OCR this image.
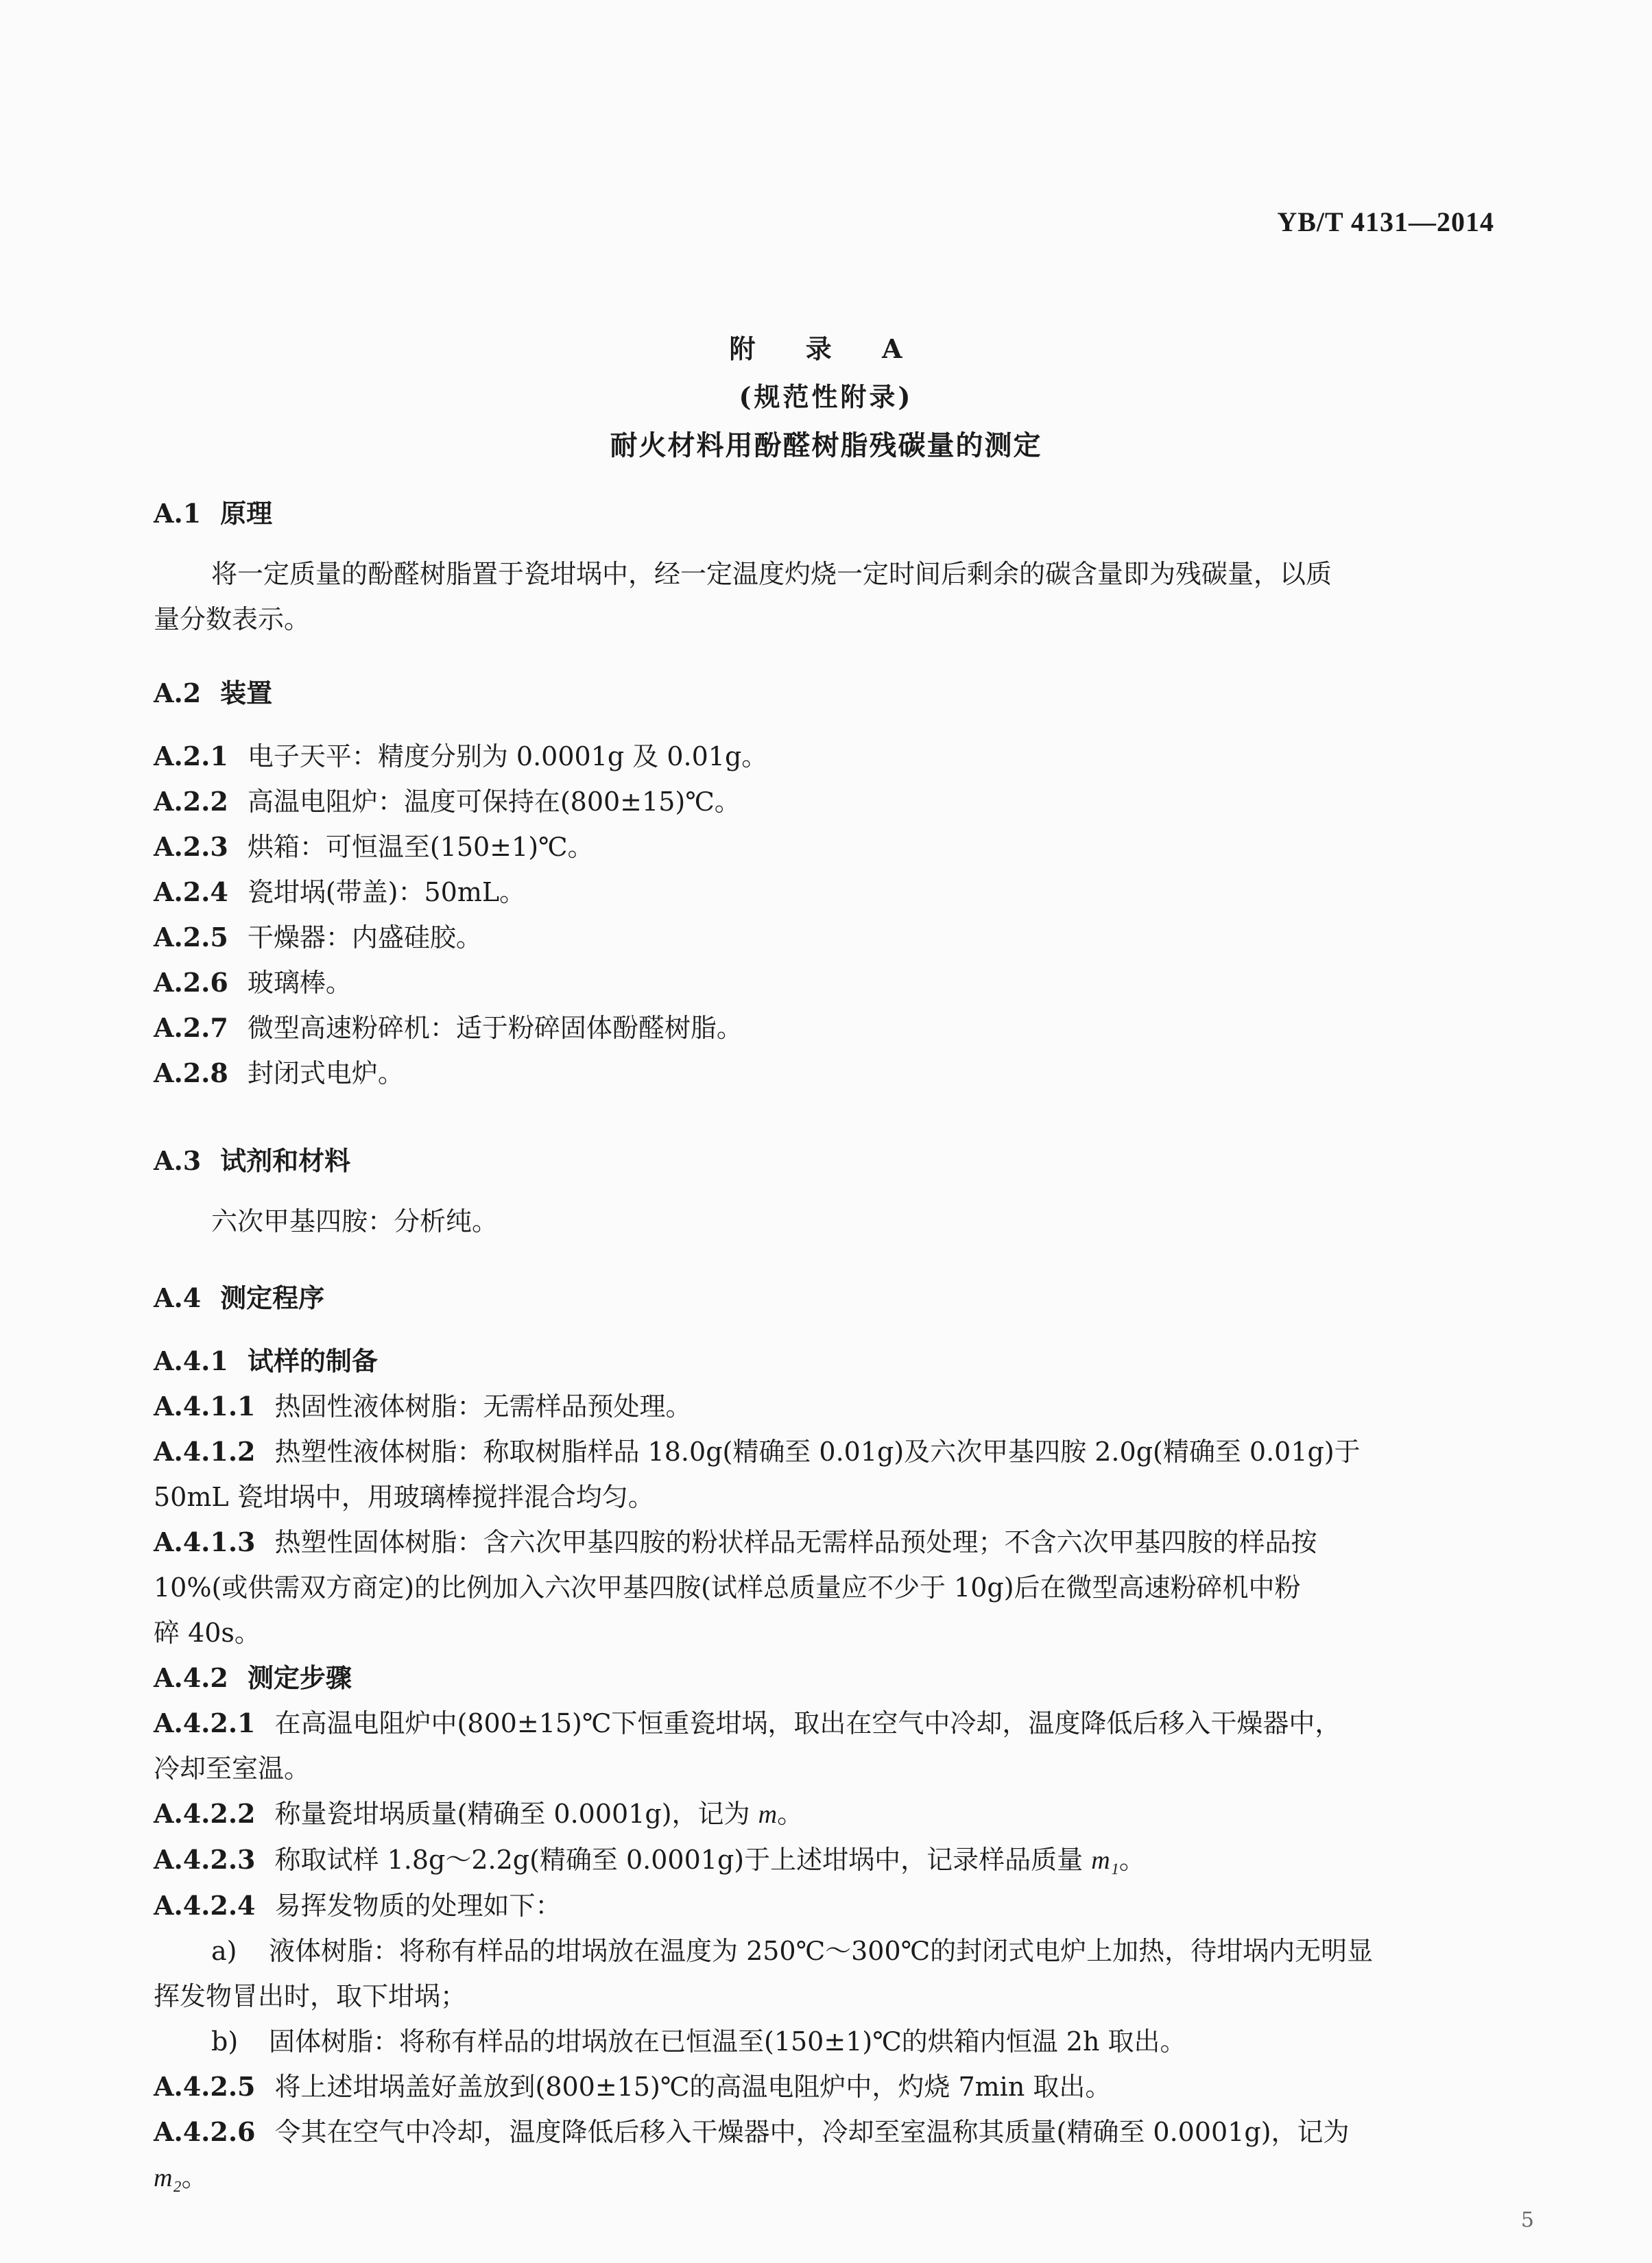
YB/T 4131—2014
附 录 A
(规范性附录)
耐火材料用酚醛树脂残碳量的测定
A.1 原理
将一定质量的酚醛树脂置于瓷坩埚中，经一定温度灼烧一定时间后剩余的碳含量即为残碳量，以质
量分数表示。
A.2 装置
A.2.1 电子天平：精度分别为 0.0001g 及 0.01g。
A.2.2 高温电阻炉：温度可保持在(800±15)℃。
A.2.3 烘箱：可恒温至(150±1)℃。
A.2.4 瓷坩埚(带盖)：50mL。
A.2.5 干燥器：内盛硅胶。
A.2.6 玻璃棒。
A.2.7 微型高速粉碎机：适于粉碎固体酚醛树脂。
A.2.8 封闭式电炉。
A.3 试剂和材料
六次甲基四胺：分析纯。
A.4 测定程序
A.4.1 试样的制备
A.4.1.1 热固性液体树脂：无需样品预处理。
A.4.1.2 热塑性液体树脂：称取树脂样品 18.0g(精确至 0.01g)及六次甲基四胺 2.0g(精确至 0.01g)于
50mL 瓷坩埚中，用玻璃棒搅拌混合均匀。
A.4.1.3 热塑性固体树脂：含六次甲基四胺的粉状样品无需样品预处理；不含六次甲基四胺的样品按
10%(或供需双方商定)的比例加入六次甲基四胺(试样总质量应不少于 10g)后在微型高速粉碎机中粉
碎 40s。
A.4.2 测定步骤
A.4.2.1 在高温电阻炉中(800±15)℃下恒重瓷坩埚，取出在空气中冷却，温度降低后移入干燥器中，
冷却至室温。
A.4.2.2 称量瓷坩埚质量(精确至 0.0001g)，记为 m。
A.4.2.3 称取试样 1.8g～2.2g(精确至 0.0001g)于上述坩埚中，记录样品质量 m₁。
A.4.2.4 易挥发物质的处理如下：
a) 液体树脂：将称有样品的坩埚放在温度为 250℃～300℃的封闭式电炉上加热，待坩埚内无明显
挥发物冒出时，取下坩埚；
b) 固体树脂：将称有样品的坩埚放在已恒温至(150±1)℃的烘箱内恒温 2h 取出。
A.4.2.5 将上述坩埚盖好盖放到(800±15)℃的高温电阻炉中，灼烧 7min 取出。
A.4.2.6 令其在空气中冷却，温度降低后移入干燥器中，冷却至室温称其质量(精确至 0.0001g)，记为
m₂。
5
